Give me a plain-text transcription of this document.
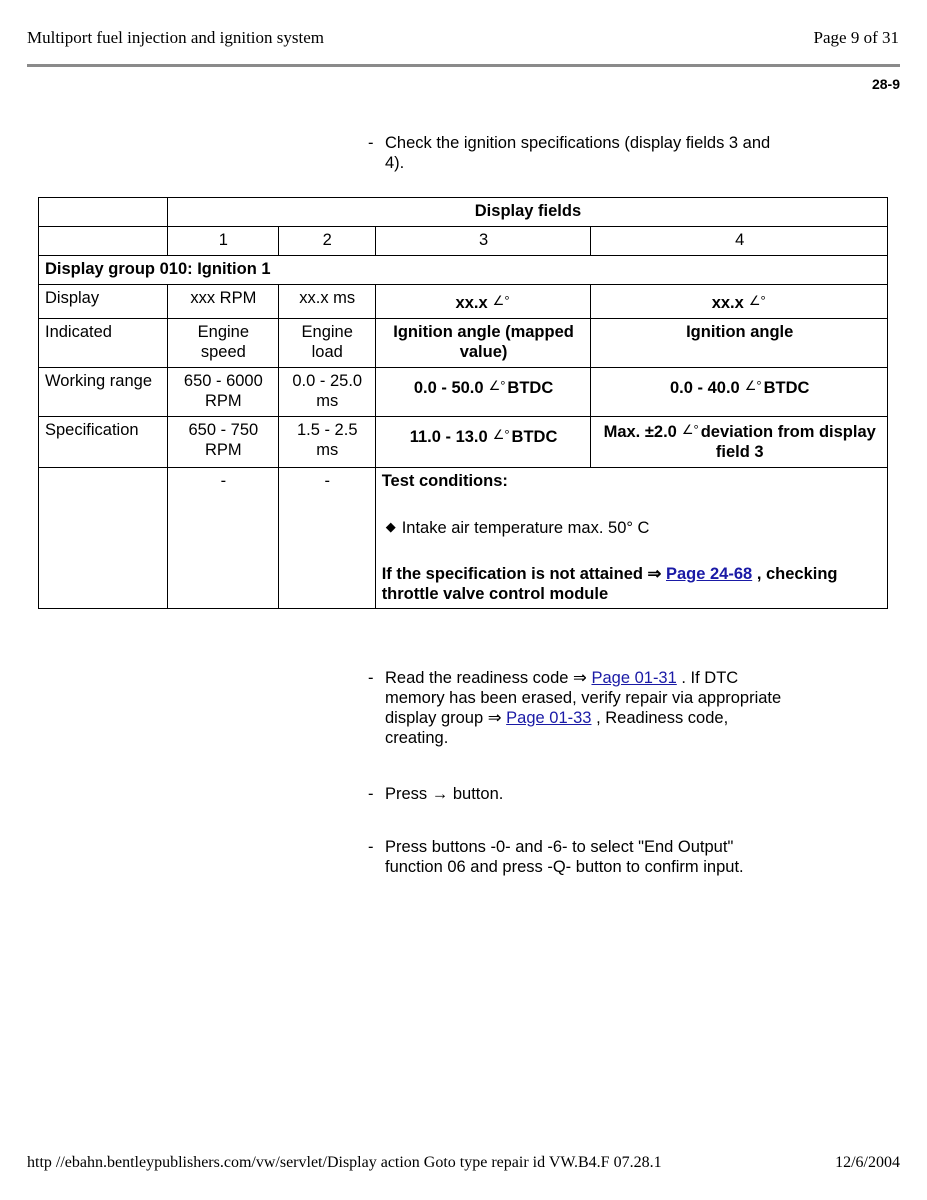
Multiport fuel injection and ignition system	Page 9 of 31
28-9
- Check the ignition specifications (display fields 3 and 4).
	Display fields			
	1	2	3	4
Display group 010: Ignition 1				
Display	xxx RPM	xx.x ms	xx.x ∠°	xx.x ∠°
Indicated	Engine speed	Engine load	Ignition angle (mapped value)	Ignition angle
Working range	650 - 6000 RPM	0.0 - 25.0 ms	0.0 - 50.0 ∠° BTDC	0.0 - 40.0 ∠° BTDC
Specification	650 - 750 RPM	1.5 - 2.5 ms	11.0 - 13.0 ∠° BTDC	Max. ±2.0 ∠° deviation from display field 3
	-	-	Test conditions:
◆ Intake air temperature max. 50° C
If the specification is not attained ⇒ Page 24-68 , checking throttle valve control module	
- Read the readiness code ⇒ Page 01-31 . If DTC memory has been erased, verify repair via appropriate display group ⇒ Page 01-33 , Readiness code, creating.
- Press → button.
- Press buttons -0- and -6- to select "End Output" function 06 and press -Q- button to confirm input.
http //ebahn.bentleypublishers.com/vw/servlet/Display action Goto type repair id VW.B4.F 07.28.1	12/6/2004
